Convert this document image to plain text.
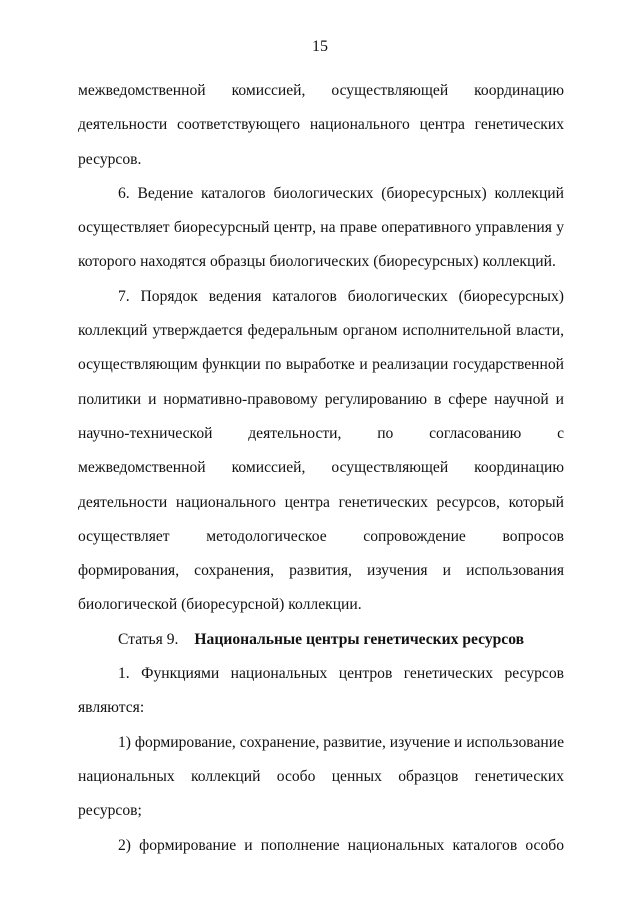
15

межведомственной комиссией, осуществляющей координацию деятельности соответствующего национального центра генетических ресурсов.

6. Ведение каталогов биологических (биоресурсных) коллекций осуществляет биоресурсный центр, на праве оперативного управления у которого находятся образцы биологических (биоресурсных) коллекций.

7. Порядок ведения каталогов биологических (биоресурсных) коллекций утверждается федеральным органом исполнительной власти, осуществляющим функции по выработке и реализации государственной политики и нормативно-правовому регулированию в сфере научной и научно-технической деятельности, по согласованию с межведомственной комиссией, осуществляющей координацию деятельности национального центра генетических ресурсов, который осуществляет методологическое сопровождение вопросов формирования, сохранения, развития, изучения и использования биологической (биоресурсной) коллекции.

Статья 9. Национальные центры генетических ресурсов

1. Функциями национальных центров генетических ресурсов являются:

1) формирование, сохранение, развитие, изучение и использование национальных коллекций особо ценных образцов генетических ресурсов;

2) формирование и пополнение национальных каталогов особо
